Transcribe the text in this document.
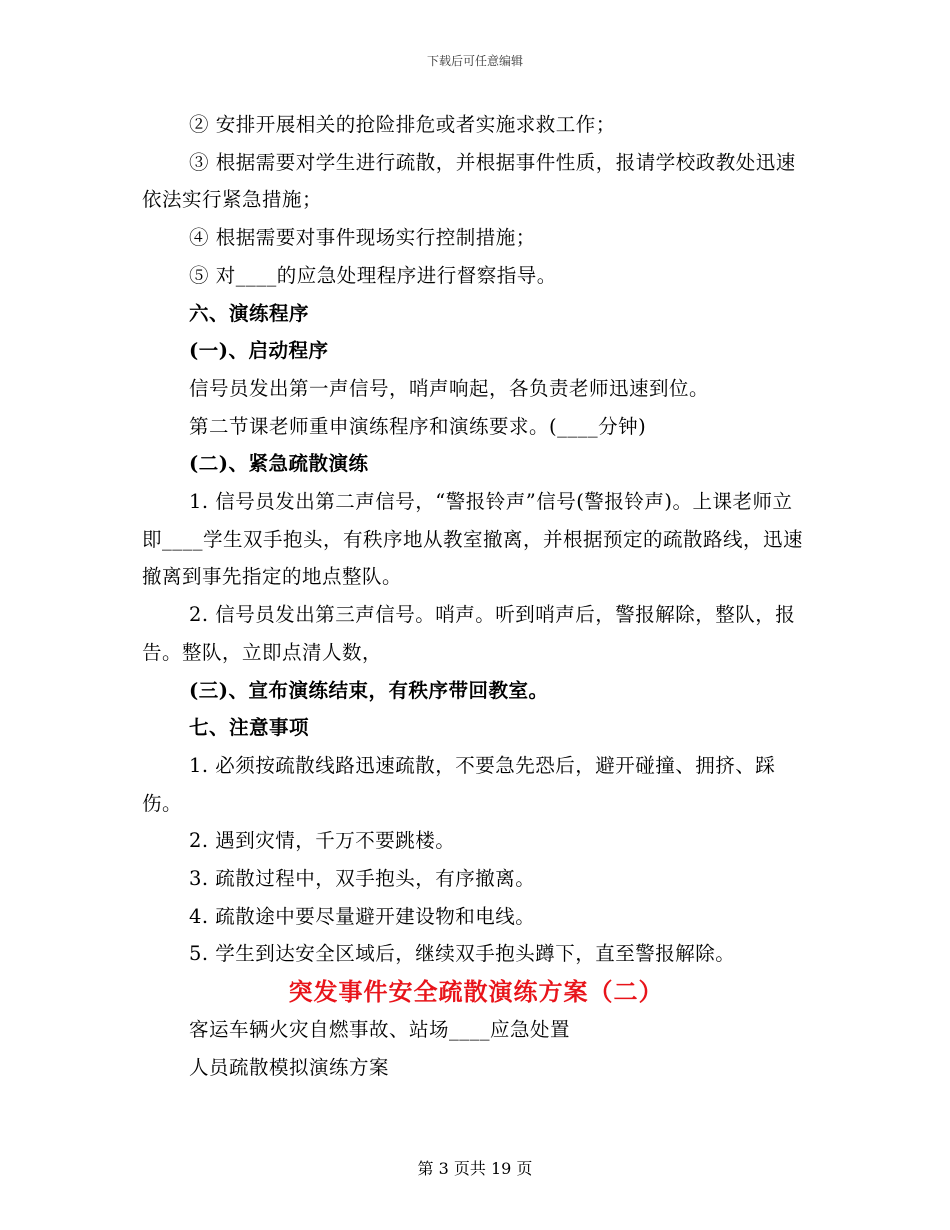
下载后可任意编辑

② 安排开展相关的抢险排危或者实施求救工作；

③ 根据需要对学生进行疏散，并根据事件性质，报请学校政教处迅速依法实行紧急措施；

④ 根据需要对事件现场实行控制措施；

⑤ 对____的应急处理程序进行督察指导。

六、演练程序

(一)、启动程序

信号员发出第一声信号，哨声响起，各负责老师迅速到位。

第二节课老师重申演练程序和演练要求。(____分钟)

(二)、紧急疏散演练

1. 信号员发出第二声信号，“警报铃声”信号(警报铃声)。上课老师立即____学生双手抱头，有秩序地从教室撤离，并根据预定的疏散路线，迅速撤离到事先指定的地点整队。

2. 信号员发出第三声信号。哨声。听到哨声后，警报解除，整队，报告。整队，立即点清人数，

(三)、宣布演练结束，有秩序带回教室。

七、注意事项

1. 必须按疏散线路迅速疏散，不要急先恐后，避开碰撞、拥挤、踩伤。

2. 遇到灾情，千万不要跳楼。

3. 疏散过程中，双手抱头，有序撤离。

4. 疏散途中要尽量避开建设物和电线。

5. 学生到达安全区域后，继续双手抱头蹲下，直至警报解除。

突发事件安全疏散演练方案（二）

客运车辆火灾自燃事故、站场____应急处置

人员疏散模拟演练方案

第 3 页共 19 页
